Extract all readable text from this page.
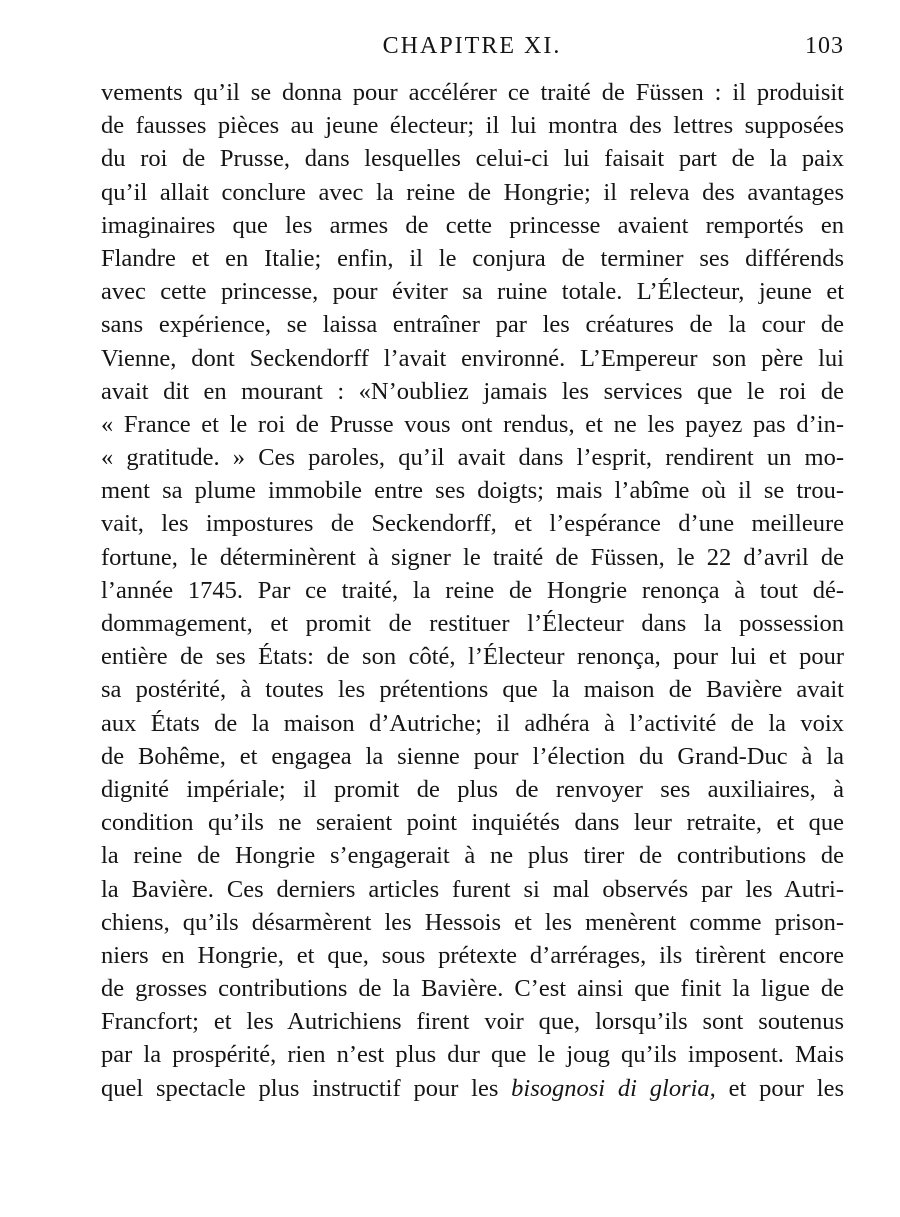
CHAPITRE XI.	103
vements qu’il se donna pour accélérer ce traité de Füssen : il produisit
de fausses pièces au jeune électeur; il lui montra des lettres supposées
du roi de Prusse, dans lesquelles celui-ci lui faisait part de la paix
qu’il allait conclure avec la reine de Hongrie; il releva des avantages
imaginaires que les armes de cette princesse avaient remportés en
Flandre et en Italie; enfin, il le conjura de terminer ses différends
avec cette princesse, pour éviter sa ruine totale. L’Électeur, jeune et
sans expérience, se laissa entraîner par les créatures de la cour de
Vienne, dont Seckendorff l’avait environné. L’Empereur son père lui
avait dit en mourant : «N’oubliez jamais les services que le roi de
« France et le roi de Prusse vous ont rendus, et ne les payez pas d’in-
« gratitude. » Ces paroles, qu’il avait dans l’esprit, rendirent un mo-
ment sa plume immobile entre ses doigts; mais l’abîme où il se trou-
vait, les impostures de Seckendorff, et l’espérance d’une meilleure
fortune, le déterminèrent à signer le traité de Füssen, le 22 d’avril de
l’année 1745. Par ce traité, la reine de Hongrie renonça à tout dé-
dommagement, et promit de restituer l’Électeur dans la possession
entière de ses États: de son côté, l’Électeur renonça, pour lui et pour
sa postérité, à toutes les prétentions que la maison de Bavière avait
aux États de la maison d’Autriche; il adhéra à l’activité de la voix
de Bohême, et engagea la sienne pour l’élection du Grand-Duc à la
dignité impériale; il promit de plus de renvoyer ses auxiliaires, à
condition qu’ils ne seraient point inquiétés dans leur retraite, et que
la reine de Hongrie s’engagerait à ne plus tirer de contributions de
la Bavière. Ces derniers articles furent si mal observés par les Autri-
chiens, qu’ils désarmèrent les Hessois et les menèrent comme prison-
niers en Hongrie, et que, sous prétexte d’arrérages, ils tirèrent encore
de grosses contributions de la Bavière. C’est ainsi que finit la ligue de
Francfort; et les Autrichiens firent voir que, lorsqu’ils sont soutenus
par la prospérité, rien n’est plus dur que le joug qu’ils imposent. Mais
quel spectacle plus instructif pour les bisognosi di gloria, et pour les
